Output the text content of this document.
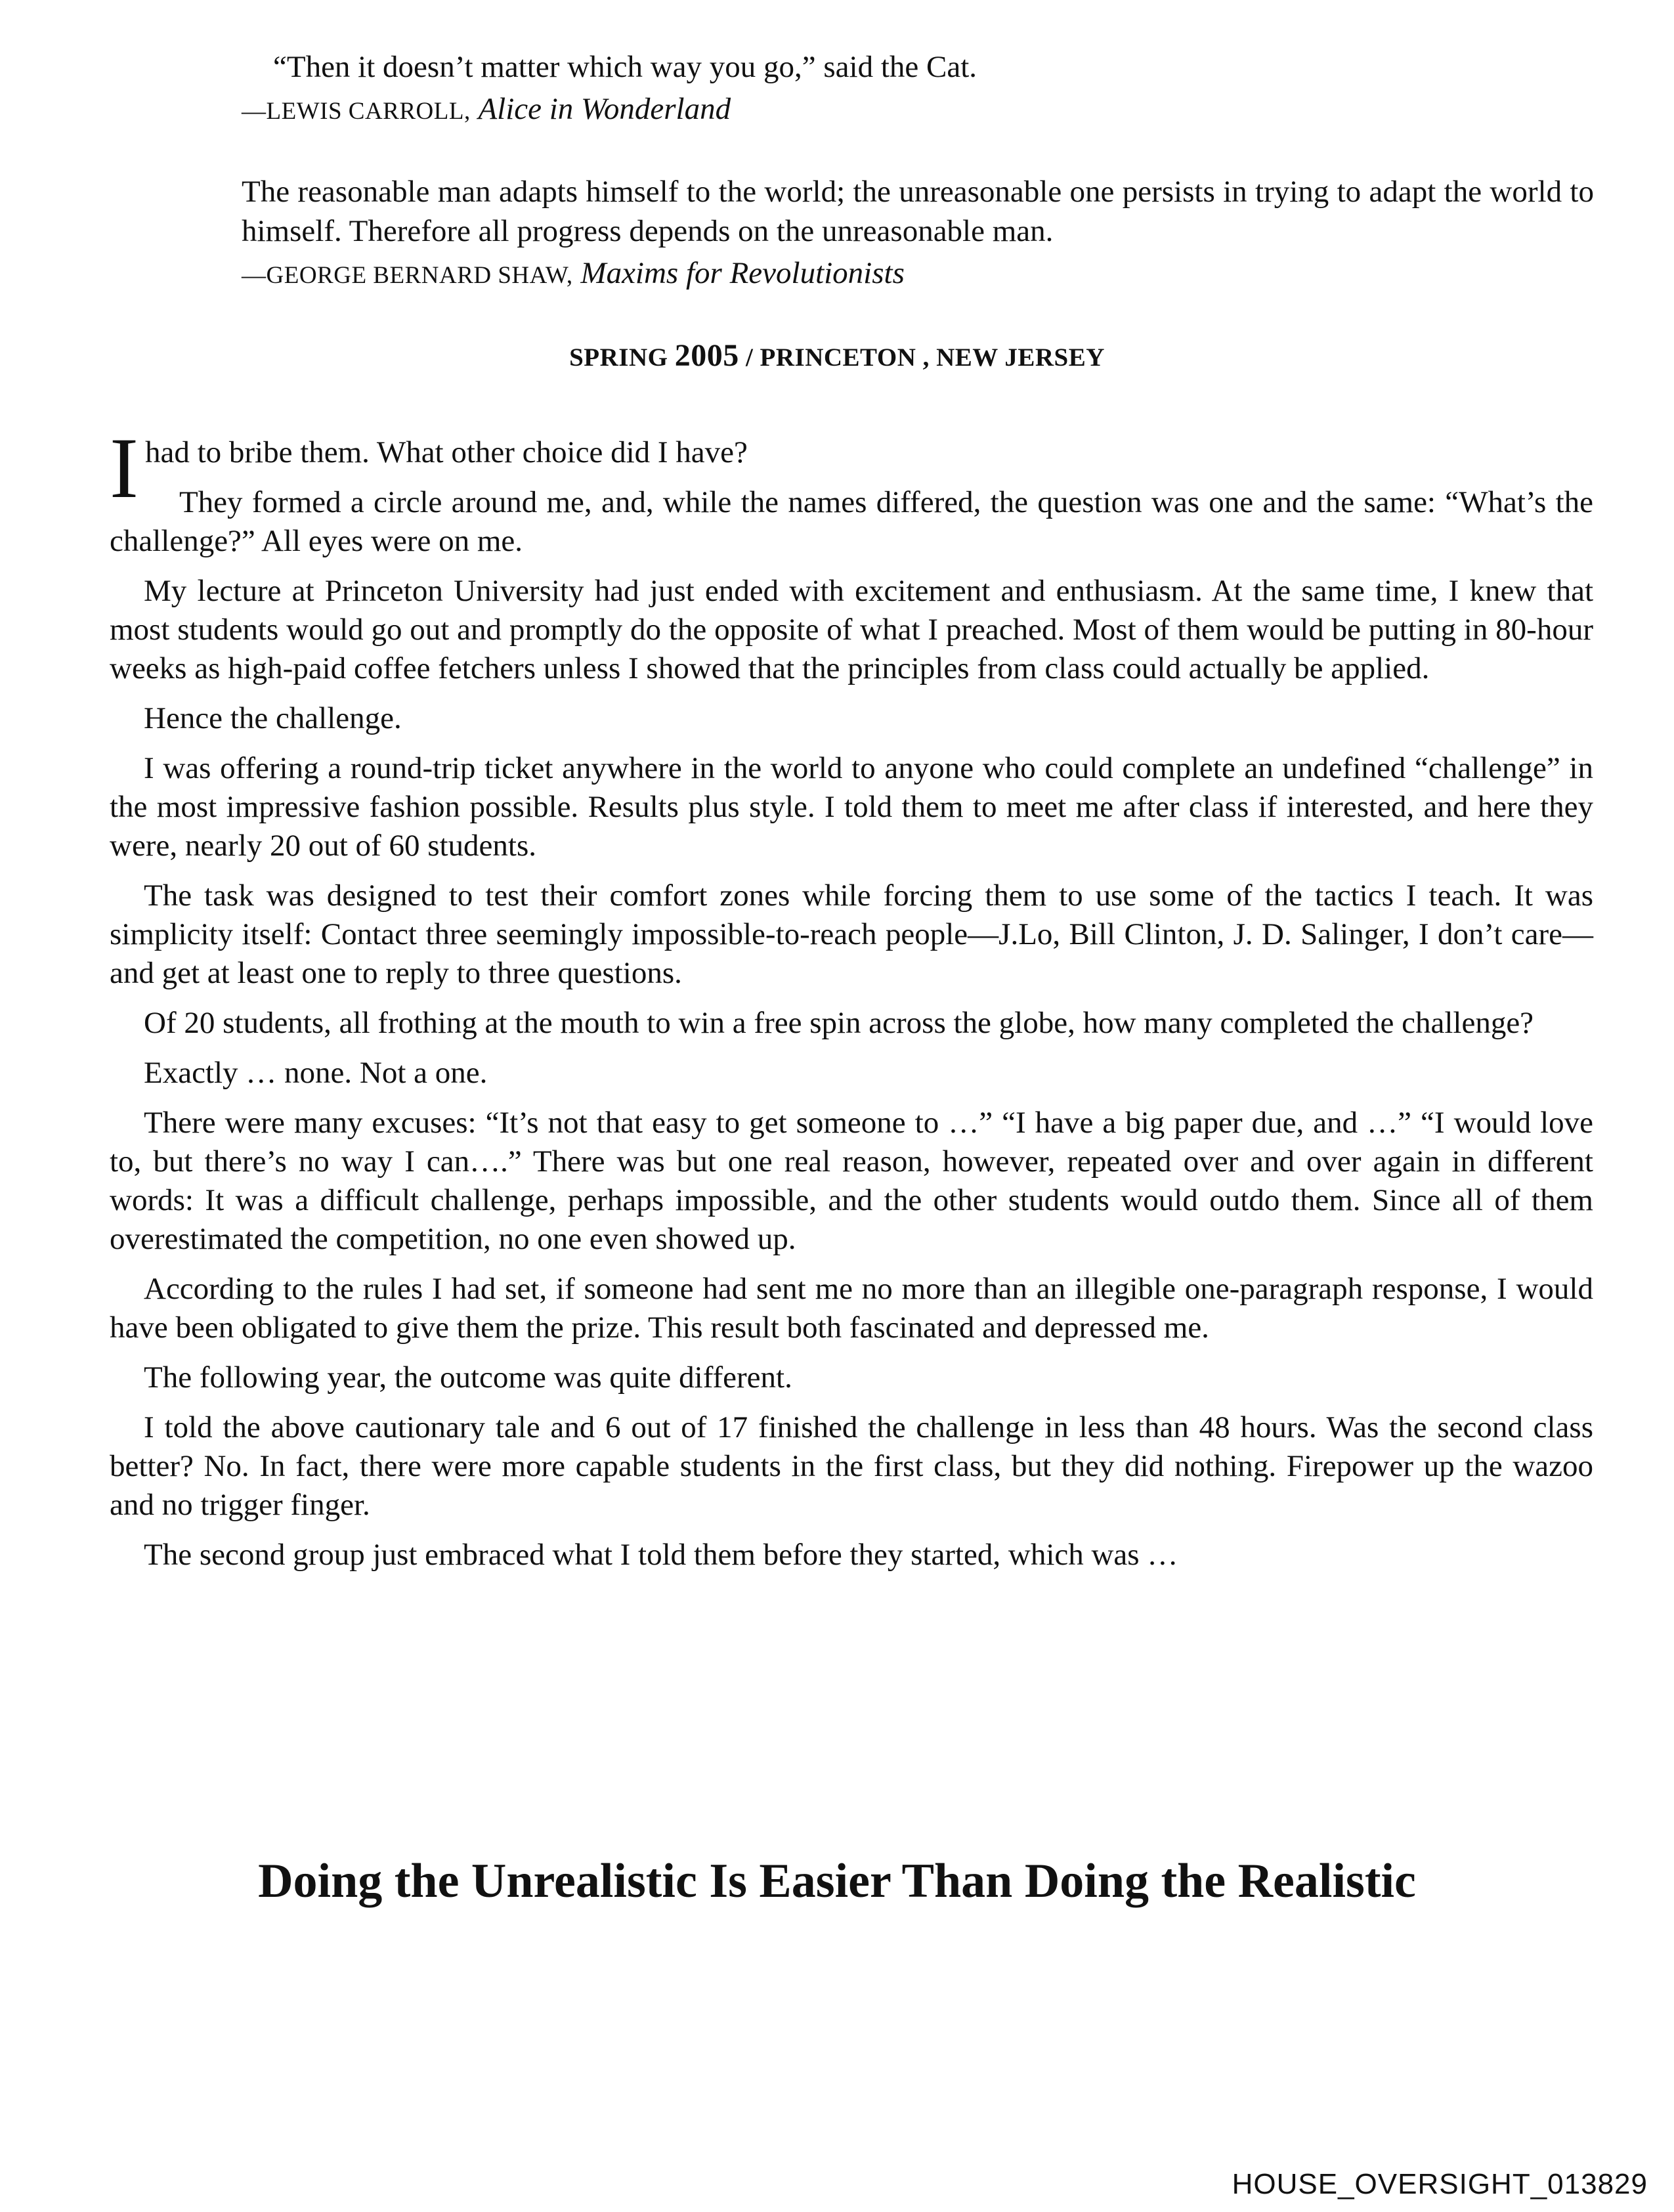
“Then it doesn’t matter which way you go,” said the Cat.

—LEWIS CARROLL, Alice in Wonderland

The reasonable man adapts himself to the world; the unreasonable one persists in trying to adapt the world to himself. Therefore all progress depends on the unreasonable man.

—GEORGE BERNARD SHAW, Maxims for Revolutionists

SPRING 2005 / PRINCETON , NEW JERSEY

I had to bribe them. What other choice did I have?

They formed a circle around me, and, while the names differed, the question was one and the same: “What’s the challenge?” All eyes were on me.

My lecture at Princeton University had just ended with excitement and enthusiasm. At the same time, I knew that most students would go out and promptly do the opposite of what I preached. Most of them would be putting in 80-hour weeks as high-paid coffee fetchers unless I showed that the principles from class could actually be applied.

Hence the challenge.

I was offering a round-trip ticket anywhere in the world to anyone who could complete an undefined “challenge” in the most impressive fashion possible. Results plus style. I told them to meet me after class if interested, and here they were, nearly 20 out of 60 students.

The task was designed to test their comfort zones while forcing them to use some of the tactics I teach. It was simplicity itself: Contact three seemingly impossible-to-reach people—J.Lo, Bill Clinton, J. D. Salinger, I don’t care—and get at least one to reply to three questions.

Of 20 students, all frothing at the mouth to win a free spin across the globe, how many completed the challenge?

Exactly … none. Not a one.

There were many excuses: “It’s not that easy to get someone to …” “I have a big paper due, and …” “I would love to, but there’s no way I can….” There was but one real reason, however, repeated over and over again in different words: It was a difficult challenge, perhaps impossible, and the other students would outdo them. Since all of them overestimated the competition, no one even showed up.

According to the rules I had set, if someone had sent me no more than an illegible one-paragraph response, I would have been obligated to give them the prize. This result both fascinated and depressed me.

The following year, the outcome was quite different.

I told the above cautionary tale and 6 out of 17 finished the challenge in less than 48 hours. Was the second class better? No. In fact, there were more capable students in the first class, but they did nothing. Firepower up the wazoo and no trigger finger.

The second group just embraced what I told them before they started, which was …

Doing the Unrealistic Is Easier Than Doing the Realistic
HOUSE_OVERSIGHT_013829
